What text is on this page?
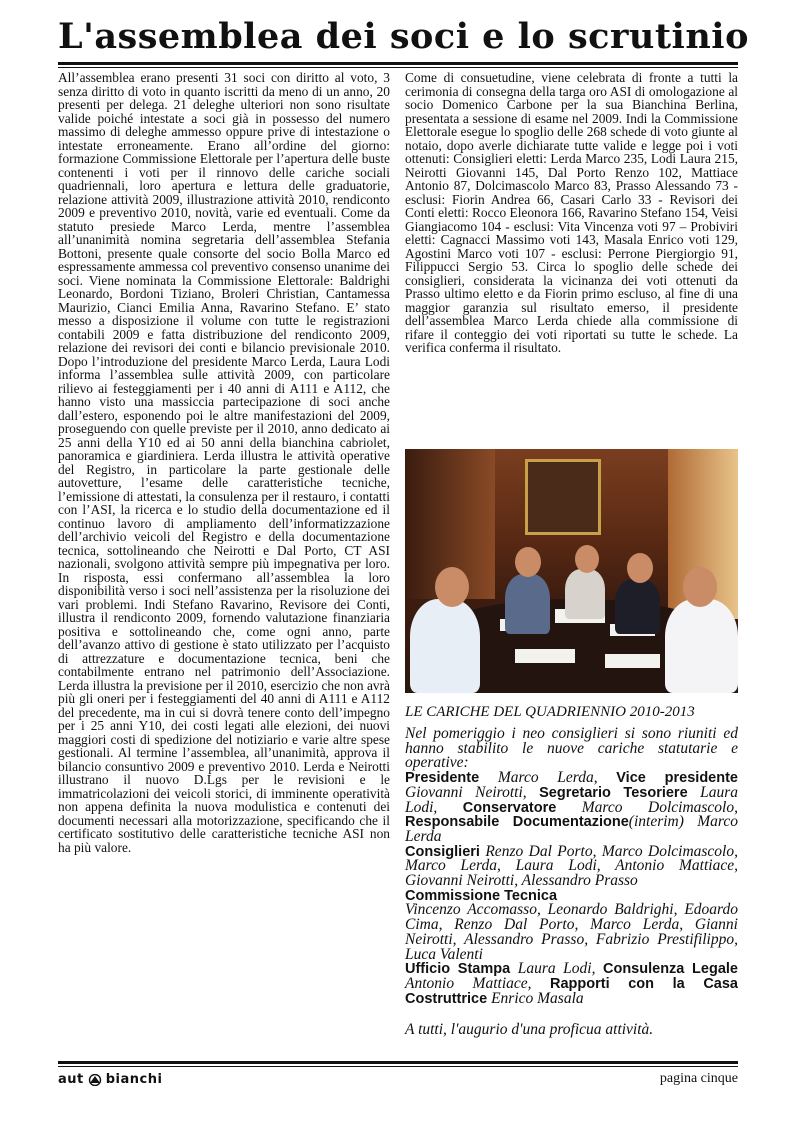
L'assemblea dei soci e lo scrutinio

All’assemblea erano presenti 31 soci con diritto al voto, 3 senza diritto di voto in quanto iscritti da meno di un anno, 20 presenti per delega. 21 deleghe ulteriori non sono risultate valide poiché intestate a soci già in possesso del numero massimo di deleghe ammesso oppure prive di intestazione o intestate erroneamente. Erano all’ordine del giorno: formazione Commissione Elettorale per l’apertura delle buste contenenti i voti per il rinnovo delle cariche sociali quadriennali, loro apertura e lettura delle graduatorie, relazione attività 2009, illustrazione attività 2010, rendiconto 2009 e preventivo 2010, novità, varie ed eventuali. Come da statuto presiede Marco Lerda, mentre l’assemblea all’unanimità nomina segretaria dell’assemblea Stefania Bottoni, presente quale consorte del socio Bolla Marco ed espressamente ammessa col preventivo consenso unanime dei soci. Viene nominata la Commissione Elettorale: Baldrighi Leonardo, Bordoni Tiziano, Broleri Christian, Cantamessa Maurizio, Cianci Emilia Anna, Ravarino Stefano. E’ stato messo a disposizione il volume con tutte le registrazioni contabili 2009 e fatta distribuzione del rendiconto 2009, relazione dei revisori dei conti e bilancio previsionale 2010. Dopo l’introduzione del presidente Marco Lerda, Laura Lodi informa l’assemblea sulle attività 2009, con particolare rilievo ai festeggiamenti per i 40 anni di A111 e A112, che hanno visto una massiccia partecipazione di soci anche dall’estero, esponendo poi le altre manifestazioni del 2009, proseguendo con quelle previste per il 2010, anno dedicato ai 25 anni della Y10 ed ai 50 anni della bianchina cabriolet, panoramica e giardiniera. Lerda illustra le attività operative del Registro, in particolare la parte gestionale delle autovetture, l’esame delle caratteristiche tecniche, l’emissione di attestati, la consulenza per il restauro, i contatti con l’ASI, la ricerca e lo studio della documentazione ed il continuo lavoro di ampliamento dell’informatizzazione dell’archivio veicoli del Registro e della documentazione tecnica, sottolineando che Neirotti e Dal Porto, CT ASI nazionali, svolgono attività sempre più impegnativa per loro. In risposta, essi confermano all’assemblea la loro disponibilità verso i soci nell’assistenza per la risoluzione dei vari problemi. Indi Stefano Ravarino, Revisore dei Conti, illustra il rendiconto 2009, fornendo valutazione finanziaria positiva e sottolineando che, come ogni anno, parte dell’avanzo attivo di gestione è stato utilizzato per l’acquisto di attrezzature e documentazione tecnica, beni che contabilmente entrano nel patrimonio dell’Associazione. Lerda illustra la previsione per il 2010, esercizio che non avrà più gli oneri per i festeggiamenti del 40 anni di A111 e A112 del precedente, ma in cui si dovrà tenere conto dell’impegno per i 25 anni Y10, dei costi legati alle elezioni, dei nuovi maggiori costi di spedizione del notiziario e varie altre spese gestionali. Al termine l’assemblea, all’unanimità, approva il bilancio consuntivo 2009 e preventivo 2010. Lerda e Neirotti illustrano il nuovo D.Lgs per le revisioni e le immatricolazioni dei veicoli storici, di imminente operatività non appena definita la nuova modulistica e contenuti dei documenti necessari alla motorizzazione, specificando che il certificato sostitutivo delle caratteristiche tecniche ASI non ha più valore.

Come di consuetudine, viene celebrata di fronte a tutti la cerimonia di consegna della targa oro ASI di omologazione al socio Domenico Carbone per la sua Bianchina Berlina, presentata a sessione di esame nel 2009. Indi la Commissione Elettorale esegue lo spoglio delle 268 schede di voto giunte al notaio, dopo averle dichiarate tutte valide e legge poi i voti ottenuti: Consiglieri eletti: Lerda Marco 235, Lodi Laura 215, Neirotti Giovanni 145, Dal Porto Renzo 102, Mattiace Antonio 87, Dolcimascolo Marco 83, Prasso Alessando 73 - esclusi: Fiorin Andrea 66, Casari Carlo 33 - Revisori dei Conti eletti: Rocco Eleonora 166, Ravarino Stefano 154, Veisi Giangiacomo 104 - esclusi: Vita Vincenza voti 97 – Probiviri eletti: Cagnacci Massimo voti 143, Masala Enrico voti 129, Agostini Marco voti 107 - esclusi: Perrone Piergiorgio 91, Filippucci Sergio 53. Circa lo spoglio delle schede dei consiglieri, considerata la vicinanza dei voti ottenuti da Prasso ultimo eletto e da Fiorin primo escluso, al fine di una maggior garanzia sul risultato emerso, il presidente dell’assemblea Marco Lerda chiede alla commissione di rifare il conteggio dei voti riportati su tutte le schede. La verifica conferma il risultato.

LE CARICHE DEL QUADRIENNIO 2010-2013

Nel pomeriggio i neo consiglieri si sono riuniti ed hanno stabilito le nuove cariche statutarie e operative:

Presidente Marco Lerda, Vice presidente Giovanni Neirotti, Segretario Tesoriere Laura Lodi, Conservatore Marco Dolcimascolo, Responsabile Documentazione(interim) Marco Lerda

Consiglieri Renzo Dal Porto, Marco Dolcimascolo, Marco Lerda, Laura Lodi, Antonio Mattiace, Giovanni Neirotti, Alessandro Prasso

Commissione Tecnica
Vincenzo Accomasso, Leonardo Baldrighi, Edoardo Cima, Renzo Dal Porto, Marco Lerda, Gianni Neirotti, Alessandro Prasso, Fabrizio Prestifilippo, Luca Valenti

Ufficio Stampa Laura Lodi, Consulenza Legale Antonio Mattiace, Rapporti con la Casa Costruttrice Enrico Masala

A tutti, l'augurio d'una proficua attività.
aut bianchi	pagina cinque
